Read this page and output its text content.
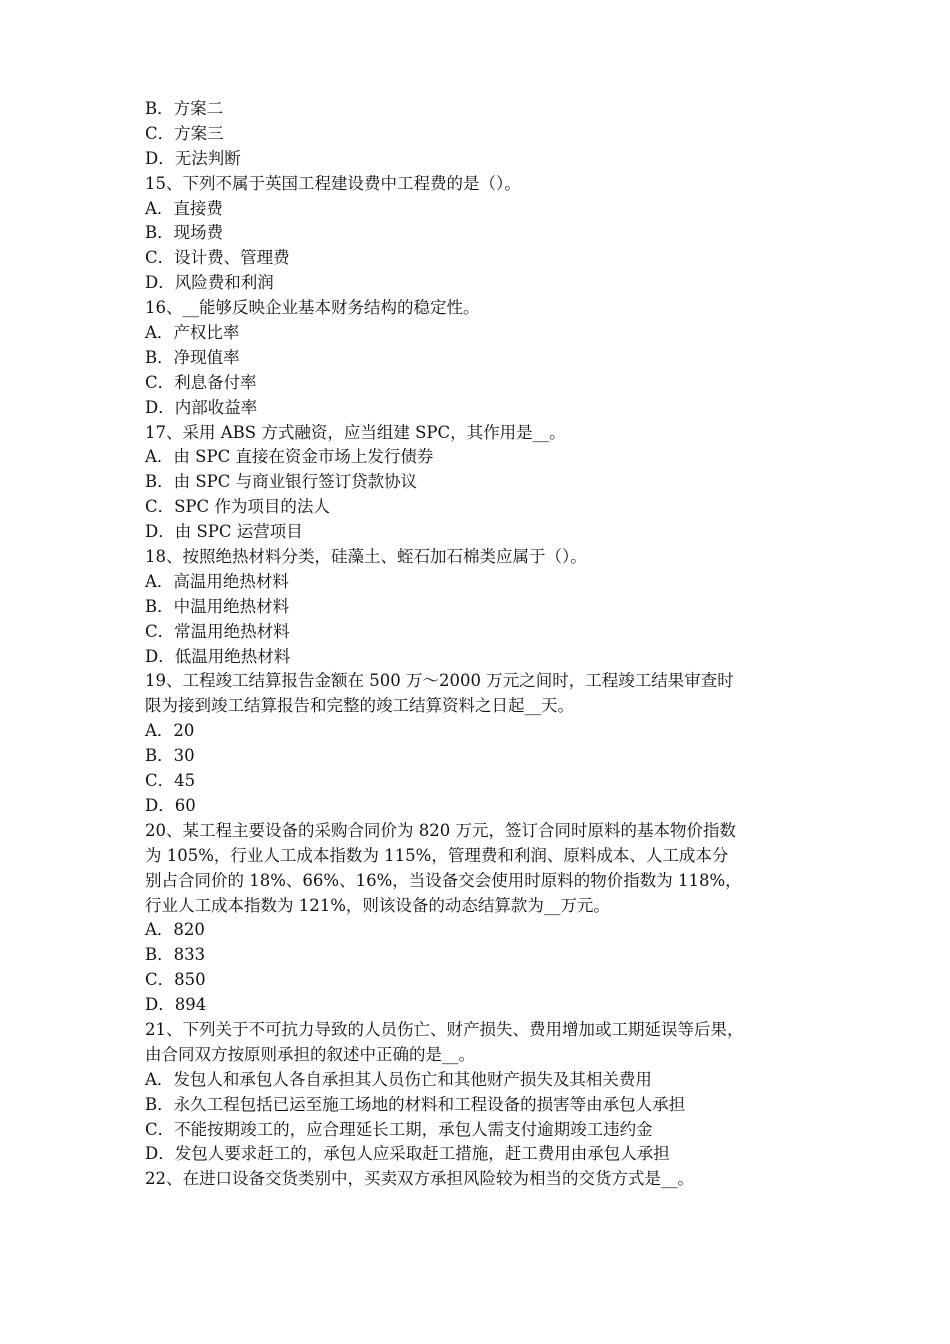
B．方案二
C．方案三
D．无法判断
15、下列不属于英国工程建设费中工程费的是（）。
A．直接费
B．现场费
C．设计费、管理费
D．风险费和利润
16、__能够反映企业基本财务结构的稳定性。
A．产权比率
B．净现值率
C．利息备付率
D．内部收益率
17、采用 ABS 方式融资，应当组建 SPC，其作用是__。
A．由 SPC 直接在资金市场上发行债券
B．由 SPC 与商业银行签订贷款协议
C．SPC 作为项目的法人
D．由 SPC 运营项目
18、按照绝热材料分类，硅藻土、蛭石加石棉类应属于（）。
A．高温用绝热材料
B．中温用绝热材料
C．常温用绝热材料
D．低温用绝热材料
19、工程竣工结算报告金额在 500 万～2000 万元之间时，工程竣工结果审查时
限为接到竣工结算报告和完整的竣工结算资料之日起__天。
A．20
B．30
C．45
D．60
20、某工程主要设备的采购合同价为 820 万元，签订合同时原料的基本物价指数
为 105%，行业人工成本指数为 115%，管理费和利润、原料成本、人工成本分
别占合同价的 18%、66%、16%，当设备交会使用时原料的物价指数为 118%，
行业人工成本指数为 121%，则该设备的动态结算款为__万元。
A．820
B．833
C．850
D．894
21、下列关于不可抗力导致的人员伤亡、财产损失、费用增加或工期延误等后果，
由合同双方按原则承担的叙述中正确的是__。
A．发包人和承包人各自承担其人员伤亡和其他财产损失及其相关费用
B．永久工程包括已运至施工场地的材料和工程设备的损害等由承包人承担
C．不能按期竣工的，应合理延长工期，承包人需支付逾期竣工违约金
D．发包人要求赶工的，承包人应采取赶工措施，赶工费用由承包人承担
22、在进口设备交货类别中，买卖双方承担风险较为相当的交货方式是__。
